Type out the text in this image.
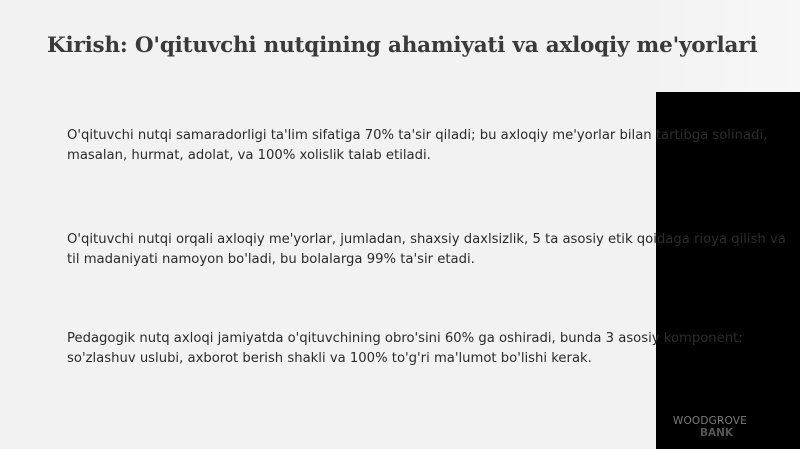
Kirish: O'qituvchi nutqining ahamiyati va axloqiy me'yorlari

O'qituvchi nutqi samaradorligi ta'lim sifatiga 70% ta'sir qiladi; bu axloqiy me'yorlar bilan tartibga solinadi, masalan, hurmat, adolat, va 100% xolislik talab etiladi.

O'qituvchi nutqi orqali axloqiy me'yorlar, jumladan, shaxsiy daxlsizlik, 5 ta asosiy etik qoidaga rioya qilish va til madaniyati namoyon bo'ladi, bu bolalarga 99% ta'sir etadi.

Pedagogik nutq axloqi jamiyatda o'qituvchining obro'sini 60% ga oshiradi, bunda 3 asosiy komponent: so'zlashuv uslubi, axborot berish shakli va 100% to'g'ri ma'lumot bo'lishi kerak.

WOODGROVE
BANK
